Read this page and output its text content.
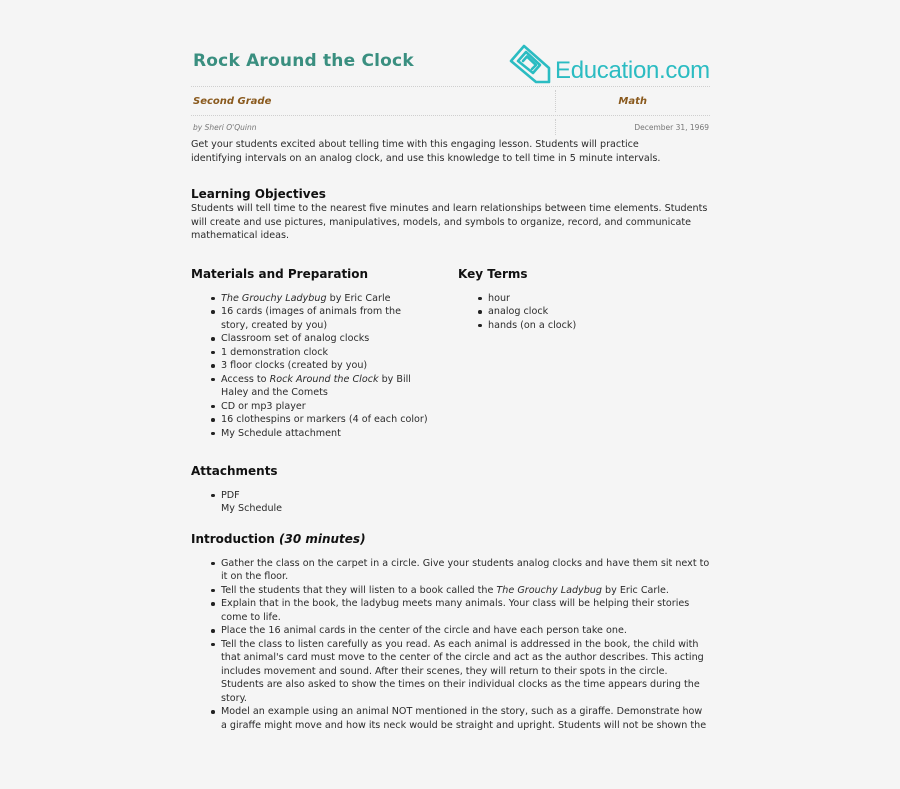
Rock Around the Clock	Education.com
Second Grade	Math
by Sheri O'Quinn	December 31, 1969

Get your students excited about telling time with this engaging lesson. Students will practice identifying intervals on an analog clock, and use this knowledge to tell time in 5 minute intervals.

Learning Objectives

Students will tell time to the nearest five minutes and learn relationships between time elements. Students will create and use pictures, manipulatives, models, and symbols to organize, record, and communicate mathematical ideas.

Materials and Preparation
The Grouchy Ladybug by Eric Carle
16 cards (images of animals from the story, created by you)
Classroom set of analog clocks
1 demonstration clock
3 floor clocks (created by you)
Access to Rock Around the Clock by Bill Haley and the Comets
CD or mp3 player
16 clothespins or markers (4 of each color)
My Schedule attachment
Key Terms
hour
analog clock
hands (on a clock)
Attachments
PDF
My Schedule
Introduction (30 minutes)
Gather the class on the carpet in a circle. Give your students analog clocks and have them sit next to it on the floor.
Tell the students that they will listen to a book called the The Grouchy Ladybug by Eric Carle.
Explain that in the book, the ladybug meets many animals. Your class will be helping their stories come to life.
Place the 16 animal cards in the center of the circle and have each person take one.
Tell the class to listen carefully as you read. As each animal is addressed in the book, the child with that animal's card must move to the center of the circle and act as the author describes. This acting includes movement and sound. After their scenes, they will return to their spots in the circle. Students are also asked to show the times on their individual clocks as the time appears during the story.
Model an example using an animal NOT mentioned in the story, such as a giraffe. Demonstrate how a giraffe might move and how its neck would be straight and upright. Students will not be shown the
